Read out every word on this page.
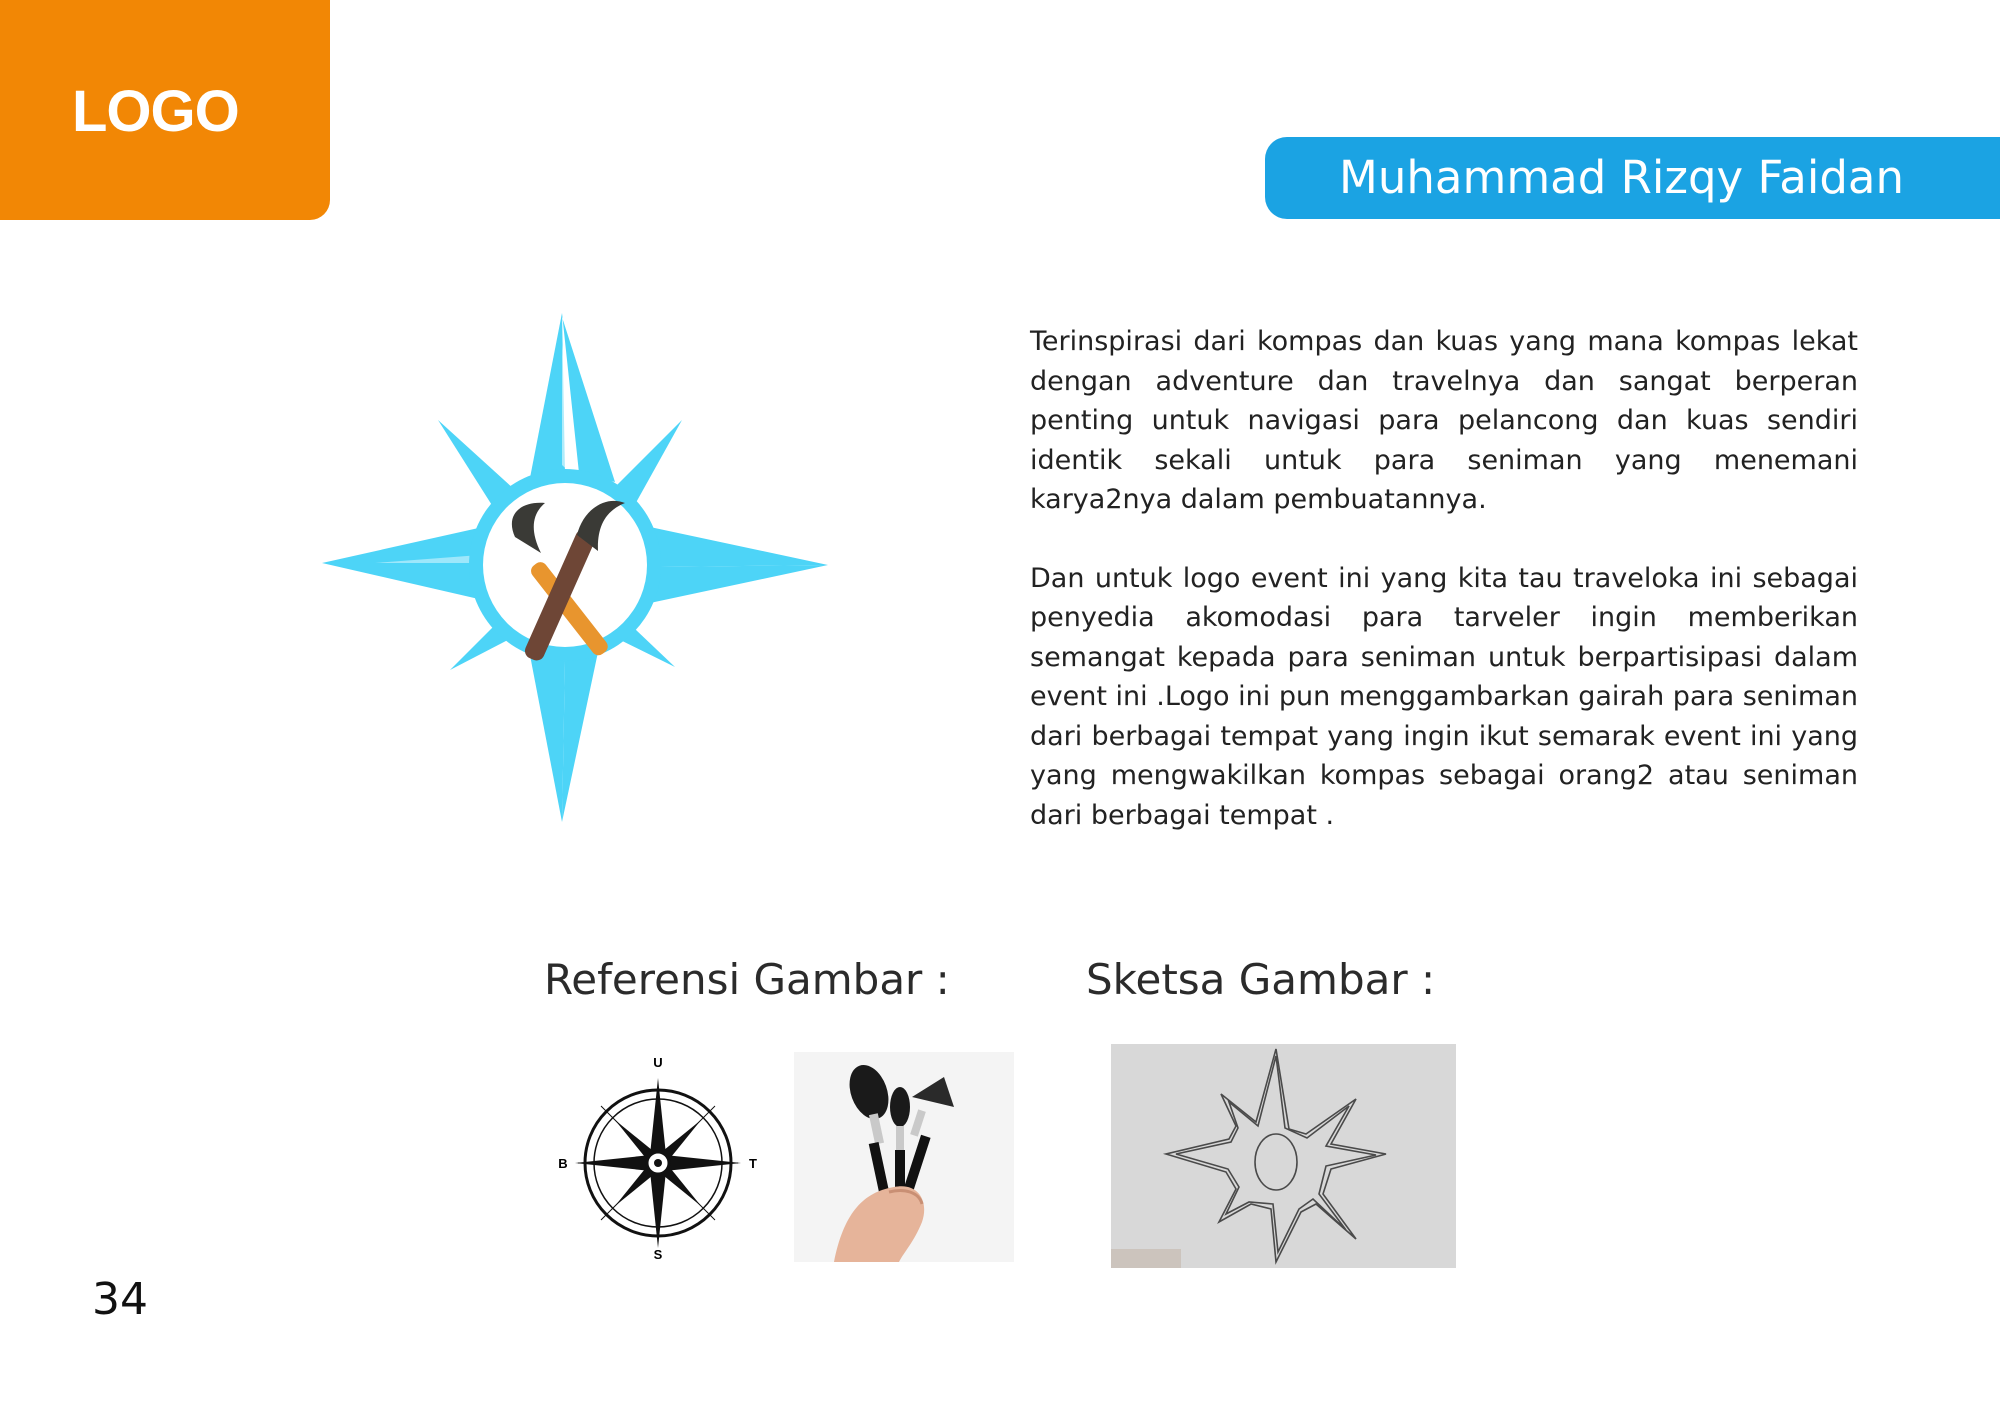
LOGO
Muhammad Rizqy Faidan

Terinspirasi dari kompas dan kuas yang mana kompas lekat dengan adventure dan travelnya dan sangat berperan penting untuk navigasi para pelancong dan kuas sendiri identik sekali untuk para seniman yang menemani karya2nya dalam pembuatannya.

Dan untuk logo event ini yang kita tau traveloka ini sebagai penyedia akomodasi para tarveler ingin memberikan semangat kepada para seniman untuk berpartisipasi dalam event ini .Logo ini pun menggambarkan gairah para seniman dari berbagai tempat yang ingin ikut semarak event ini yang yang mengwakilkan kompas sebagai orang2 atau seniman dari berbagai tempat .

Referensi Gambar :	Sketsa Gambar :
U
S
B	T
34
